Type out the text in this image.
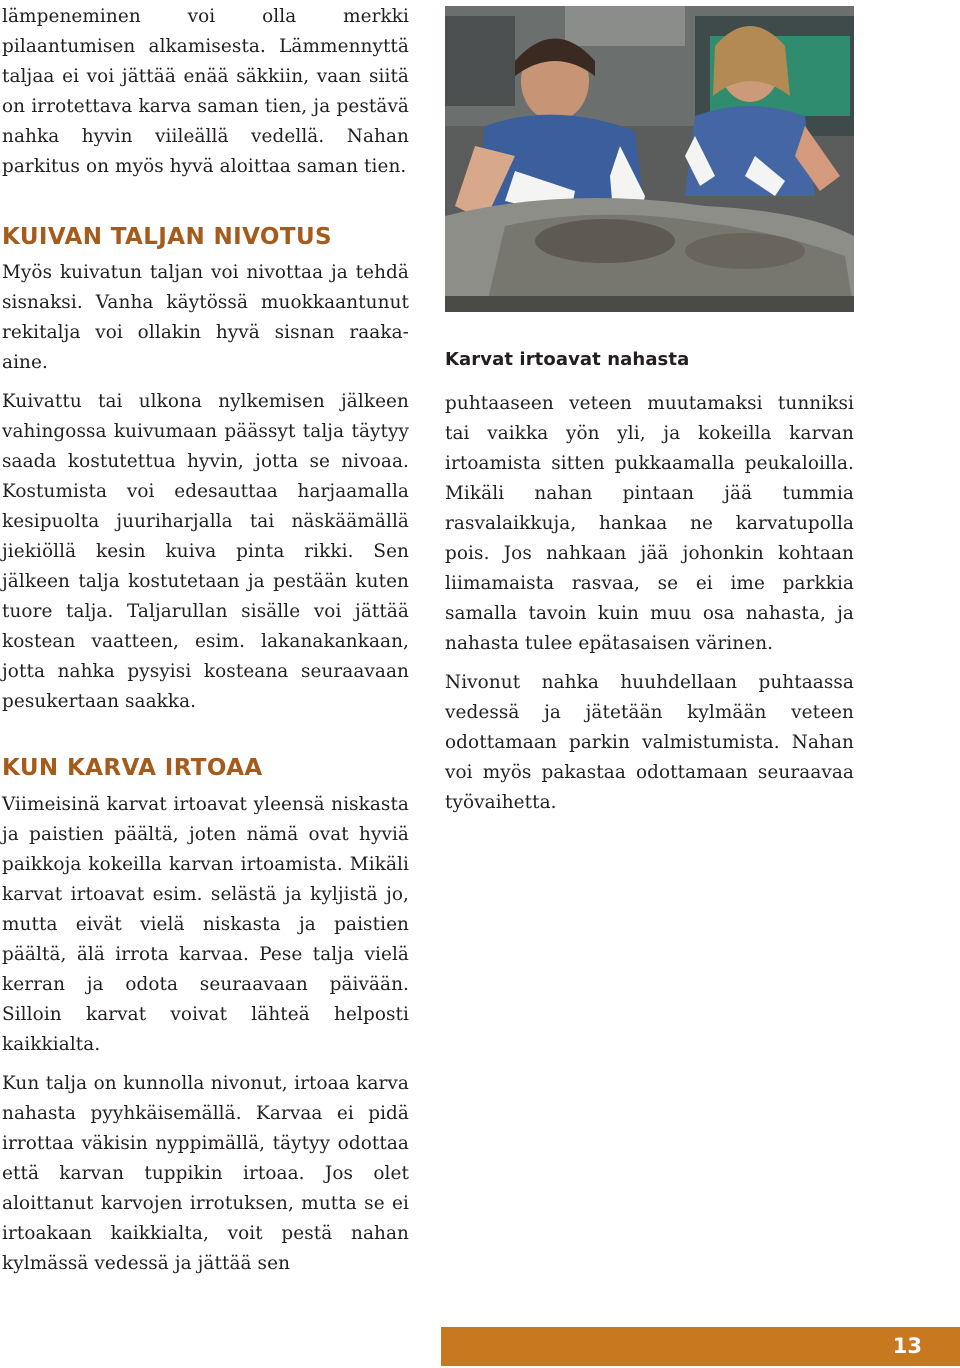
lämpeneminen voi olla merkki pilaantumisen alkamisesta. Lämmennyttä taljaa ei voi jättää enää säkkiin, vaan siitä on irrotettava karva saman tien, ja pestävä nahka hyvin viileällä vedellä. Nahan parkitus on myös hyvä aloittaa saman tien.

KUIVAN TALJAN NIVOTUS

Myös kuivatun taljan voi nivottaa ja tehdä sisnaksi. Vanha käytössä muokkaantunut rekitalja voi ollakin hyvä sisnan raaka-aine.

Kuivattu tai ulkona nylkemisen jälkeen vahingossa kuivumaan päässyt talja täytyy saada kostutettua hyvin, jotta se nivoaa. Kostumista voi edesauttaa harjaamalla kesipuolta juuriharjalla tai näskäämällä jiekiöllä kesin kuiva pinta rikki. Sen jälkeen talja kostutetaan ja pestään kuten tuore talja. Taljarullan sisälle voi jättää kostean vaatteen, esim. lakanakankaan, jotta nahka pysyisi kosteana seuraavaan pesukertaan saakka.

KUN KARVA IRTOAA

Viimeisinä karvat irtoavat yleensä niskasta ja paistien päältä, joten nämä ovat hyviä paikkoja kokeilla karvan irtoamista. Mikäli karvat irtoavat esim. selästä ja kyljistä jo, mutta eivät vielä niskasta ja paistien päältä, älä irrota karvaa. Pese talja vielä kerran ja odota seuraavaan päivään. Silloin karvat voivat lähteä helposti kaikkialta.

Kun talja on kunnolla nivonut, irtoaa karva nahasta pyyhkäisemällä. Karvaa ei pidä irrottaa väkisin nyppimällä, täytyy odottaa että karvan tuppikin irtoaa. Jos olet aloittanut karvojen irrotuksen, mutta se ei irtoakaan kaikkialta, voit pestä nahan kylmässä vedessä ja jättää sen

Karvat irtoavat nahasta

puhtaaseen veteen muutamaksi tunniksi tai vaikka yön yli, ja kokeilla karvan irtoamista sitten pukkaamalla peukaloilla. Mikäli nahan pintaan jää tummia rasvalaikkuja, hankaa ne karvatupolla pois. Jos nahkaan jää johonkin kohtaan liimamaista rasvaa, se ei ime parkkia samalla tavoin kuin muu osa nahasta, ja nahasta tulee epätasaisen värinen.

Nivonut nahka huuhdellaan puhtaassa vedessä ja jätetään kylmään veteen odottamaan parkin valmistumista. Nahan voi myös pakastaa odottamaan seuraavaa työvaihetta.

13
